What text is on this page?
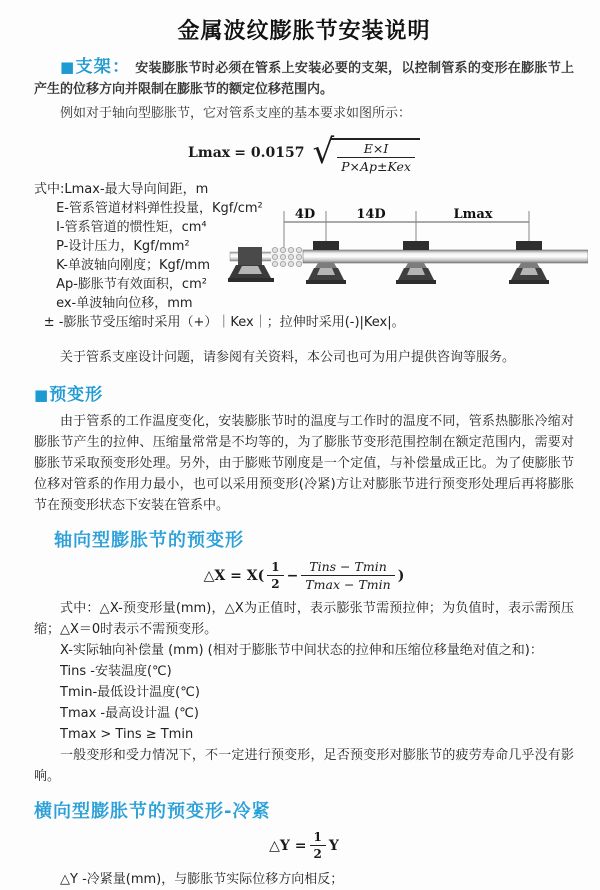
金属波纹膨胀节安装说明

■支架： 安装膨胀节时必须在管系上安装必要的支架，以控制管系的变形在膨胀节上产生的位移方向并限制在膨胀节的额定位移范围内。

例如对于轴向型膨胀节，它对管系支座的基本要求如图所示：

Lmax
= 0.0157 √ $\frac{E\times I}{\text{P×Ap±Kex}}$

式中:Lmax-最大导向间距，m

E-管系管道材料弹性投量，Kgf/cm²

I-管系管道的惯性矩，cm⁴

P-设计压力，Kgf/mm²

K-单波轴向刚度；Kgf/mm

Ap-膨胀节有效面积，cm²

ex-单波轴向位移，mm

± -膨胀节受压缩时采用（+）｜Kex｜；拉伸时采用(-)|Kex|。

4D	14D	Lmax

关于管系支座设计问题，请参阅有关资料，本公司也可为用户提供咨询等服务。

■预变形

由于管系的工作温度变化，安装膨胀节时的温度与工作时的温度不同，管系热膨胀冷缩对膨胀节产生的拉伸、压缩量常常是不均等的，为了膨胀节变形范围控制在额定范围内，需要对膨胀节采取预变形处理。另外，由于膨账节刚度是一个定值，与补偿量成正比。为了使膨胀节位移对管系的作用力最小，也可以采用预变形(冷紧)方让对膨胀节进行预变形处理后再将膨胀节在预变形状态下安装在管系中。

轴向型膨胀节的预变形
△X = $X( \frac{1}{2} - \frac{\text{Tins − Tmin}}{Tmax - Tmin}$ )

式中：△X-预变形量(mm)，△X为正值时，表示膨张节需预拉伸；为负值时，表示需预压缩；△X＝0时表示不需预变形。

X-实际轴向补偿量 (mm) (相对于膨胀节中间状态的拉伸和压缩位移量绝对值之和)：

Tins -安装温度(℃)

Tmin-最低设计温度(℃)

Tmax -最高设计温 (℃)

Tmax > Tins ≥ Tmin

一般变形和受力情况下，不一定进行预变形，足否预变形对膨胀节的疲劳寿命几乎没有影响。

横向型膨胀节的预变形-冷紧
△Y = $\frac{1}{2}$ Y

△Y -冷紧量(mm)，与膨胀节实际位移方向相反；
